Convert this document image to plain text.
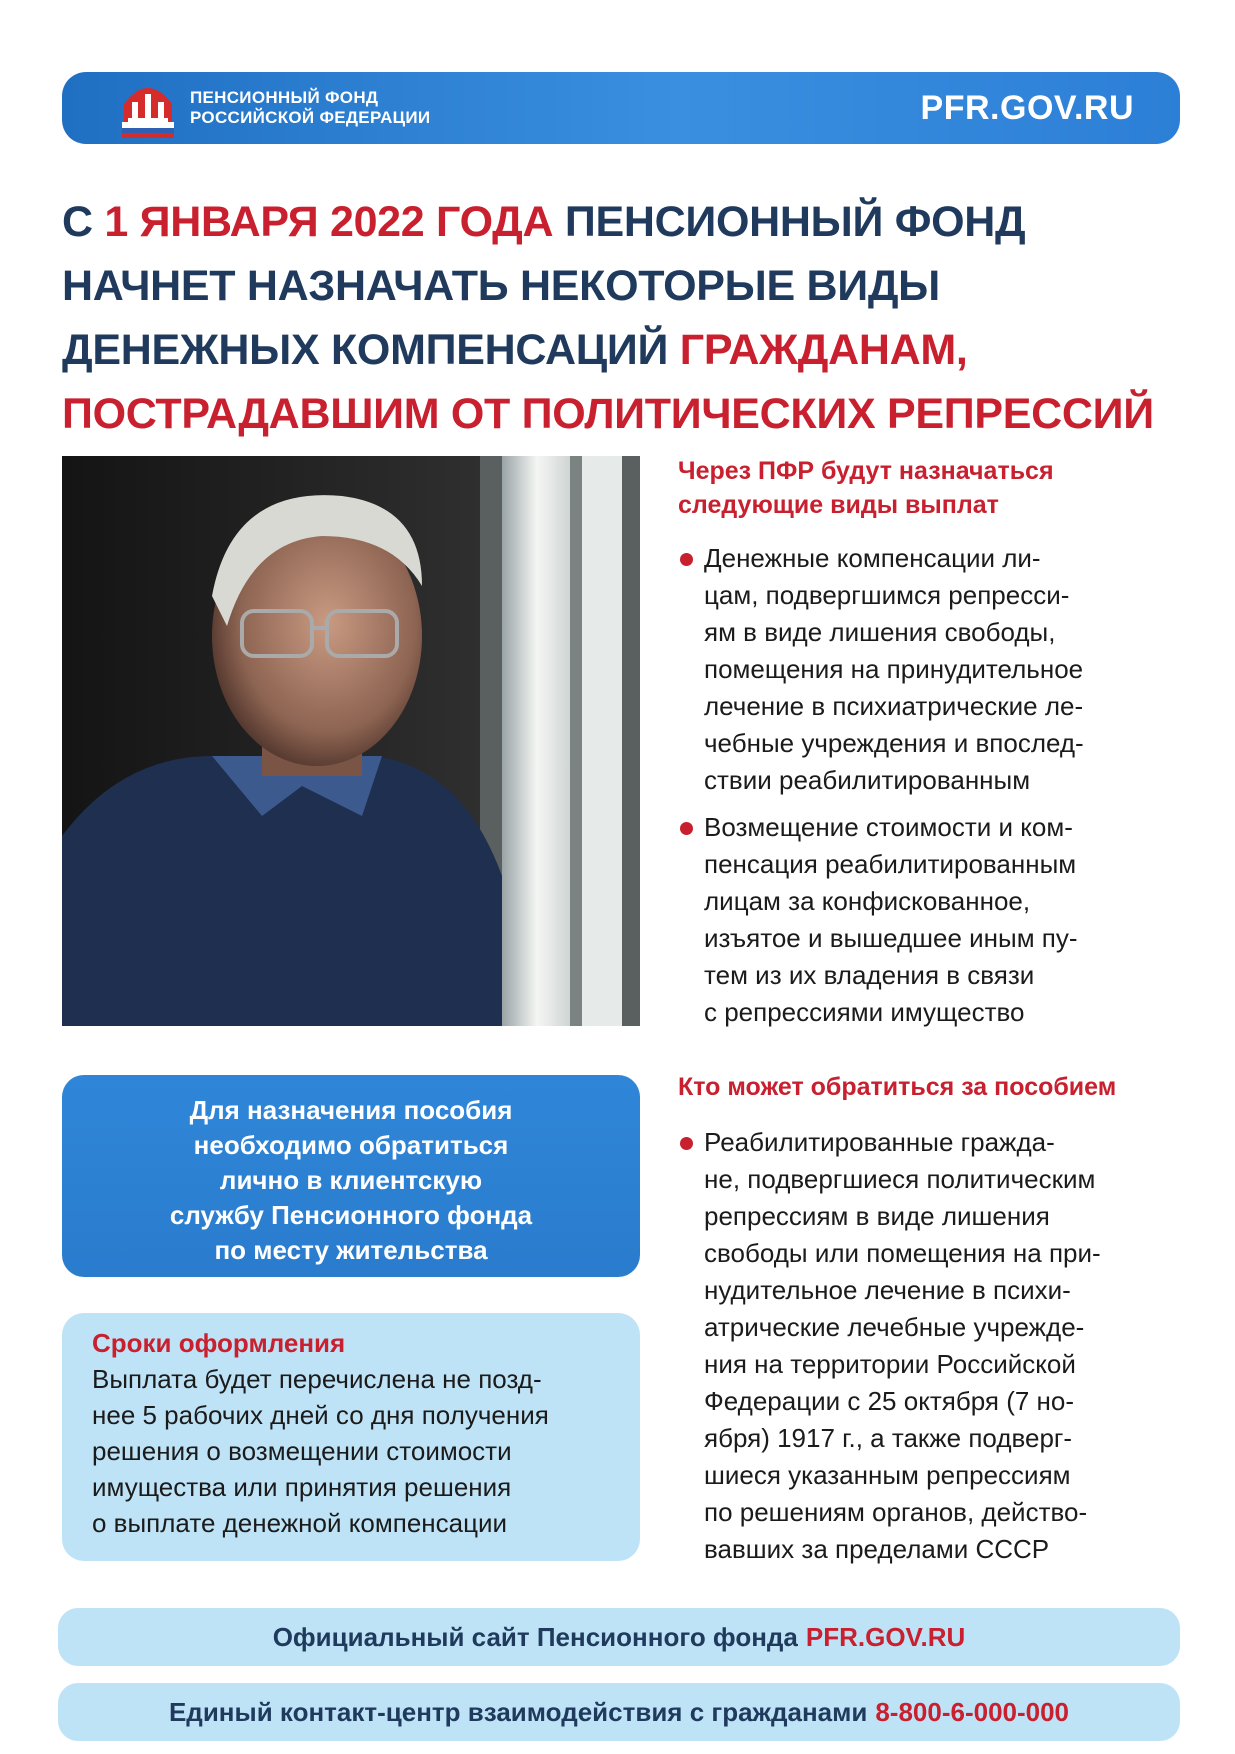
ПЕНСИОННЫЙ ФОНД
РОССИЙСКОЙ ФЕДЕРАЦИИ	PFR.GOV.RU
С 1 ЯНВАРЯ 2022 ГОДА ПЕНСИОННЫЙ ФОНД
НАЧНЕТ НАЗНАЧАТЬ НЕКОТОРЫЕ ВИДЫ
ДЕНЕЖНЫХ КОМПЕНСАЦИЙ ГРАЖДАНАМ,
ПОСТРАДАВШИМ ОТ ПОЛИТИЧЕСКИХ РЕПРЕССИЙ

Через ПФР будут назначаться
следующие виды выплат

Денежные компенсации ли-
цам, подвергшимся репресси-
ям в виде лишения свободы,
помещения на принудительное
лечение в психиатрические ле-
чебные учреждения и впослед-
ствии реабилитированным
Возмещение стоимости и ком-
пенсация реабилитированным
лицам за конфискованное,
изъятое и вышедшее иным пу-
тем из их владения в связи
с репрессиями имущество

Кто может обратиться за пособием

Реабилитированные гражда-
не, подвергшиеся политическим
репрессиям в виде лишения
свободы или помещения на при-
нудительное лечение в психи-
атрические лечебные учрежде-
ния на территории Российской
Федерации с 25 октября (7 но-
ября) 1917 г., а также подверг-
шиеся указанным репрессиям
по решениям органов, действо-
вавших за пределами СССР
Для назначения пособия
необходимо обратиться
лично в клиентскую
службу Пенсионного фонда
по месту жительства
Сроки оформления
Выплата будет перечислена не позд-
нее 5 рабочих дней со дня получения
решения о возмещении стоимости
имущества или принятия решения
о выплате денежной компенсации
Официальный сайт Пенсионного фонда PFR.GOV.RU
Единый контакт-центр взаимодействия с гражданами 8-800-6-000-000
